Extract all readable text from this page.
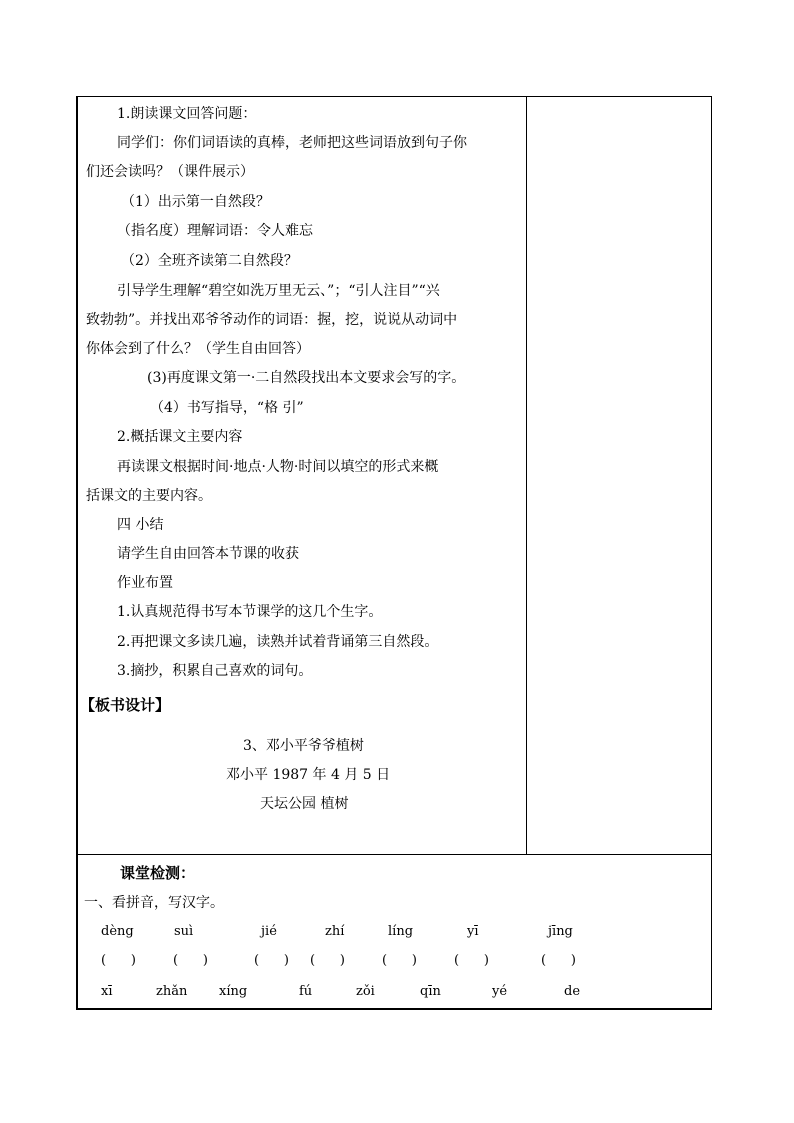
1.朗读课文回答问题：
同学们：你们词语读的真棒，老师把这些词语放到句子你
们还会读吗？（课件展示）
（1）出示第一自然段？
（指名度）理解词语：令人难忘
（2）全班齐读第二自然段？
引导学生理解“碧空如洗万里无云、”；“引人注目”“兴
致勃勃”。并找出邓爷爷动作的词语：握，挖，说说从动词中
你体会到了什么？（学生自由回答）
(3)再度课文第一·二自然段找出本文要求会写的字。
（4）书写指导，“格 引”
2.概括课文主要内容
再读课文根据时间·地点·人物·时间以填空的形式来概
括课文的主要内容。
四 小结
请学生自由回答本节课的收获
作业布置
1.认真规范得书写本节课学的这几个生字。
2.再把课文多读几遍，读熟并试着背诵第三自然段。
3.摘抄，积累自己喜欢的词句。
【板书设计】
3、邓小平爷爷植树
邓小平 1987 年 4 月 5 日
天坛公园 植树
课堂检测：
一、看拼音，写汉字。
dèng	suì	jié	zhí	líng	yī	jīng
(      )	(      )	(      ) (      )	(      )	(      )	(      )
xī	zhǎn xíng	fú	zǒi	qīn	yé	de
